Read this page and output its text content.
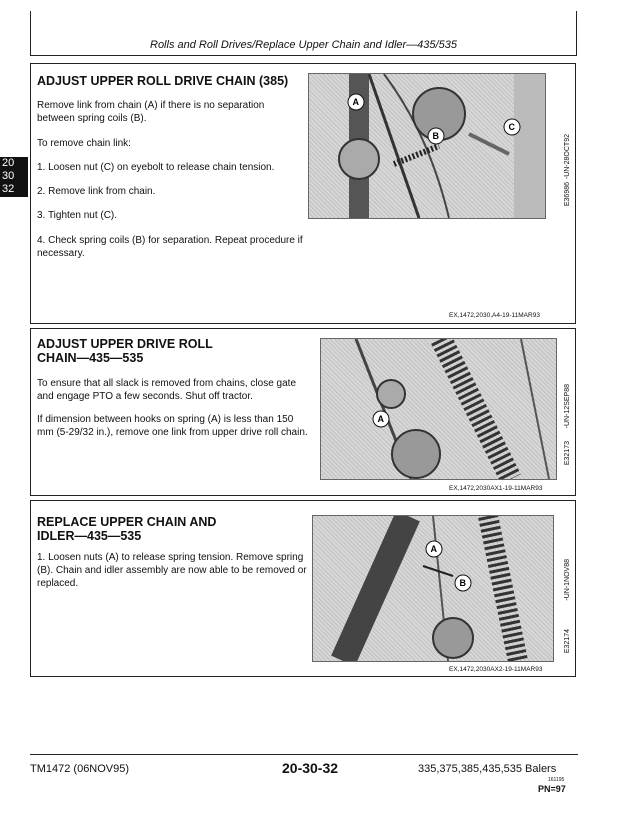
Rolls and Roll Drives/Replace Upper Chain and Idler—435/535
20
30
32
ADJUST UPPER ROLL DRIVE CHAIN (385)
Remove link from chain (A) if there is no separation between spring coils (B).
To remove chain link:
1. Loosen nut (C) on eyebolt to release chain tension.
2. Remove link from chain.
3. Tighten nut (C).
4. Check spring coils (B) for separation. Repeat procedure if necessary.
A
B
C
-UN-28OCT92
E36986
EX,1472,2030,A4-19-11MAR93
ADJUST UPPER DRIVE ROLL
CHAIN—435—535
To ensure that all slack is removed from chains, close gate and engage PTO a few seconds. Shut off tractor.
If dimension between hooks on spring (A) is less than 150 mm (5-29/32 in.), remove one link from upper drive roll chain.
A	-UN-12SEP88
E32173
EX,1472,2030AX1-19-11MAR93
REPLACE UPPER CHAIN AND
IDLER—435—535
1. Loosen nuts (A) to release spring tension. Remove spring (B). Chain and idler assembly are now able to be removed or replaced.
A
B	-UN-1NOV88
E32174
EX,1472,2030AX2-19-11MAR93
TM1472 (06NOV95)	20-30-32	335,375,385,435,535 Balers
161195
PN=97
